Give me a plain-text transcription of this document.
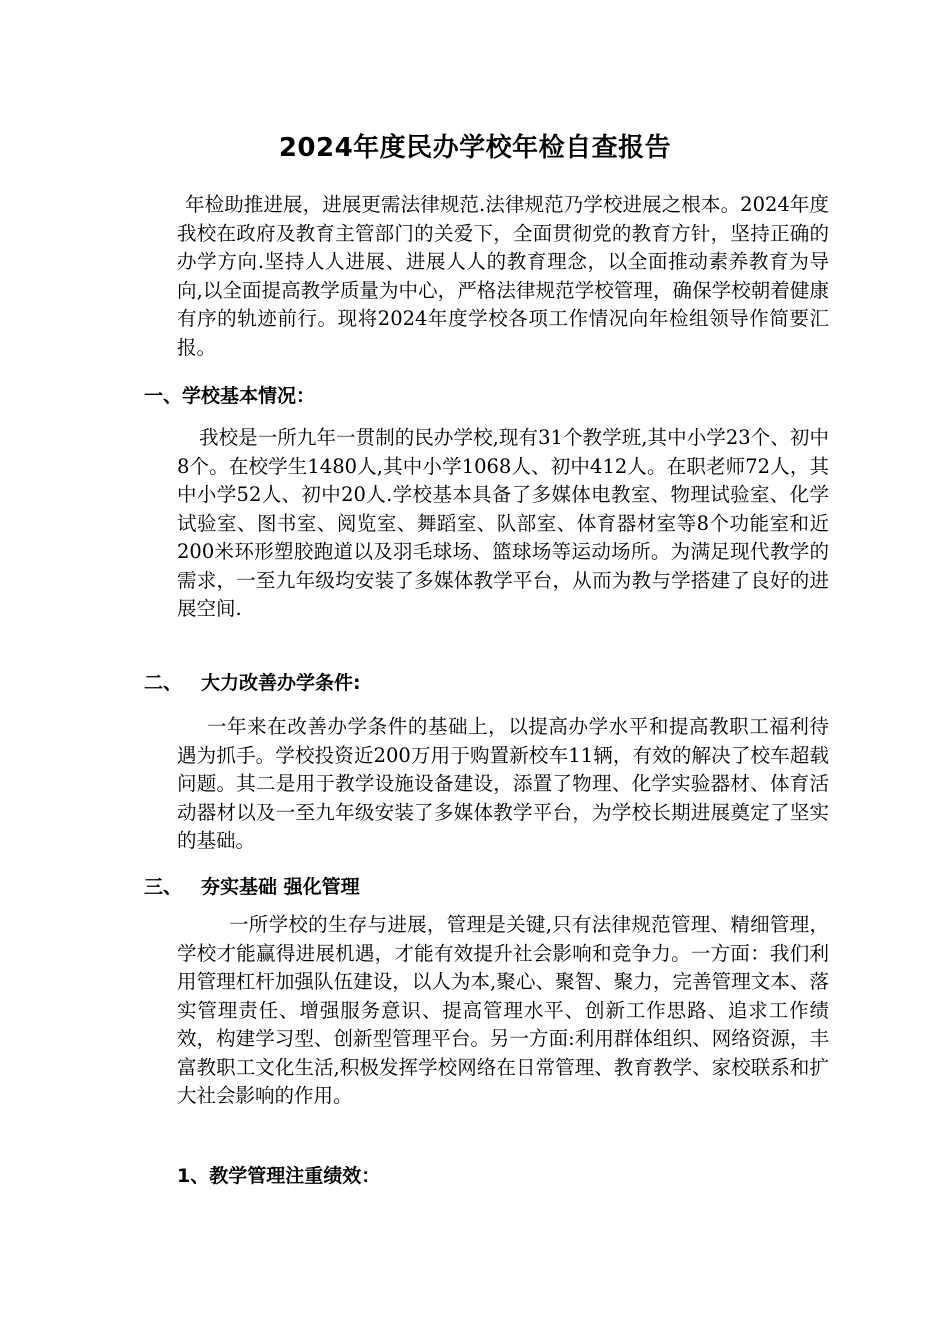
2024年度民办学校年检自查报告

年检助推进展，进展更需法律规范.法律规范乃学校进展之根本。2024年度我校在政府及教育主管部门的关爱下，全面贯彻党的教育方针，坚持正确的办学方向.坚持人人进展、进展人人的教育理念，以全面推动素养教育为导向,以全面提高教学质量为中心，严格法律规范学校管理，确保学校朝着健康有序的轨迹前行。现将2024年度学校各项工作情况向年检组领导作简要汇报。

一、学校基本情况：

我校是一所九年一贯制的民办学校,现有31个教学班,其中小学23个、初中8个。在校学生1480人,其中小学1068人、初中412人。在职老师72人，其中小学52人、初中20人.学校基本具备了多媒体电教室、物理试验室、化学试验室、图书室、阅览室、舞蹈室、队部室、体育器材室等8个功能室和近200米环形塑胶跑道以及羽毛球场、篮球场等运动场所。为满足现代教学的需求，一至九年级均安装了多媒体教学平台，从而为教与学搭建了良好的进展空间.

二、 大力改善办学条件:

一年来在改善办学条件的基础上，以提高办学水平和提高教职工福利待遇为抓手。学校投资近200万用于购置新校车11辆，有效的解决了校车超载问题。其二是用于教学设施设备建设，添置了物理、化学实验器材、体育活动器材以及一至九年级安装了多媒体教学平台，为学校长期进展奠定了坚实的基础。

三、 夯实基础 强化管理

一所学校的生存与进展，管理是关键,只有法律规范管理、精细管理，学校才能赢得进展机遇，才能有效提升社会影响和竞争力。一方面：我们利用管理杠杆加强队伍建设，以人为本,聚心、聚智、聚力，完善管理文本、落实管理责任、增强服务意识、提高管理水平、创新工作思路、追求工作绩效，构建学习型、创新型管理平台。另一方面:利用群体组织、网络资源，丰富教职工文化生活,积极发挥学校网络在日常管理、教育教学、家校联系和扩大社会影响的作用。

1、教学管理注重绩效：
